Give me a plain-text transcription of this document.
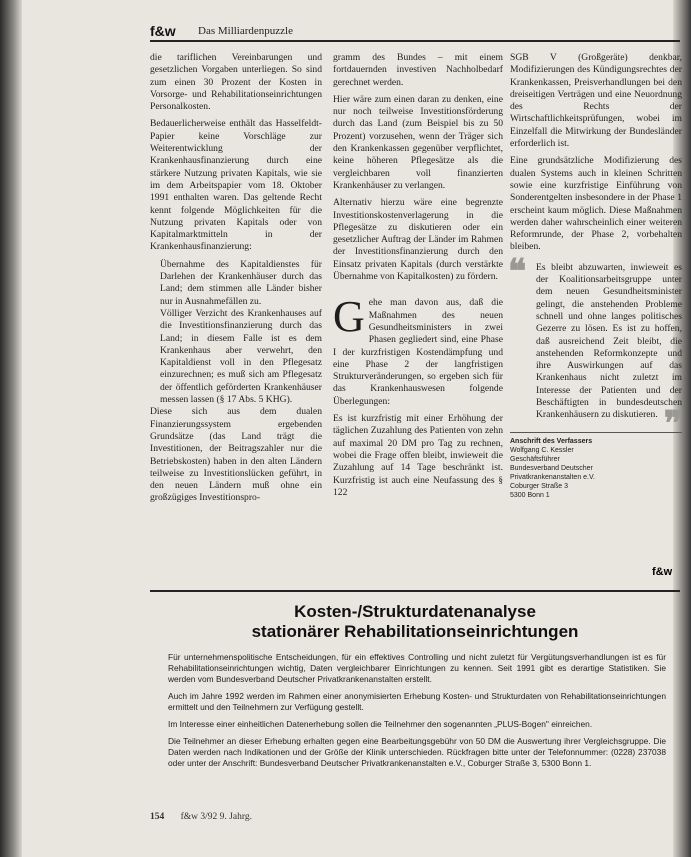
f&w Das Milliardenpuzzle

die tariflichen Vereinbarungen und gesetzlichen Vorgaben unterliegen. So sind zum einen 30 Prozent der Kosten in Vorsorge- und Rehabilitationseinrichtungen Personalkosten.

Bedauerlicherweise enthält das Hasselfeldt-Papier keine Vorschläge zur Weiterentwicklung der Krankenhausfinanzierung durch eine stärkere Nutzung privaten Kapitals, wie sie im dem Arbeitspapier vom 18. Oktober 1991 enthalten waren. Das geltende Recht kennt folgende Möglichkeiten für die Nutzung privaten Kapitals oder von Kapitalmarktmitteln in der Krankenhausfinanzierung:

Übernahme des Kapitaldienstes für Darlehen der Krankenhäuser durch das Land; dem stimmen alle Länder bisher nur in Ausnahmefällen zu.
Völliger Verzicht des Krankenhauses auf die Investitionsfinanzierung durch das Land; in diesem Falle ist es dem Krankenhaus aber verwehrt, den Kapitaldienst voll in den Pflegesatz einzurechnen; es muß sich am Pflegesatz der öffentlich geförderten Krankenhäuser messen lassen (§ 17 Abs. 5 KHG).

Diese sich aus dem dualen Finanzierungssystem ergebenden Grundsätze (das Land trägt die Investitionen, der Beitragszahler nur die Betriebskosten) haben in den alten Ländern teilweise zu Investitionslücken geführt, in den neuen Ländern muß ohne ein großzügiges Investitionspro-

gramm des Bundes – mit einem fortdauernden investiven Nachholbedarf gerechnet werden.

Hier wäre zum einen daran zu denken, eine nur noch teilweise Investitionsförderung durch das Land (zum Beispiel bis zu 50 Prozent) vorzusehen, wenn der Träger sich den Krankenkassen gegenüber verpflichtet, keine höheren Pflegesätze als die vergleichbaren voll finanzierten Krankenhäuser zu verlangen.

Alternativ hierzu wäre eine begrenzte Investitionskostenverlagerung in die Pflegesätze zu diskutieren oder ein gesetzlicher Auftrag der Länder im Rahmen der Investitionsfinanzierung durch den Einsatz privaten Kapitals (durch verstärkte Übernahme von Kapitalkosten) zu fördern.

G ehe man davon aus, daß die Maßnahmen des neuen Gesundheitsministers in zwei Phasen gegliedert sind, eine Phase I der kurzfristigen Kostendämpfung und eine Phase 2 der langfristigen Strukturveränderungen, so ergeben sich für das Krankenhauswesen folgende Überlegungen:

Es ist kurzfristig mit einer Erhöhung der täglichen Zuzahlung des Patienten von zehn auf maximal 20 DM pro Tag zu rechnen, wobei die Frage offen bleibt, inwieweit die Zuzahlung auf 14 Tage beschränkt ist. Kurzfristig ist auch eine Neufassung des § 122

SGB V (Großgeräte) denkbar, Modifizierungen des Kündigungsrechtes der Krankenkassen, Preisverhandlungen bei den dreiseitigen Verträgen und eine Neuordnung des Rechts der Wirtschaftlichkeitsprüfungen, wobei im Einzelfall die Mitwirkung der Bundesländer erforderlich ist.

Eine grundsätzliche Modifizierung des dualen Systems auch in kleinen Schritten sowie eine kurzfristige Einführung von Sonderentgelten insbesondere in der Phase 1 erscheint kaum möglich. Diese Maßnahmen werden daher wahrscheinlich einer weiteren Reformrunde, der Phase 2, vorbehalten bleiben.

❝	Es bleibt abzuwarten, inwieweit es der Koalitionsarbeitsgruppe unter dem neuen Gesundheitsminister gelingt, die anstehenden Probleme schnell und ohne langes politisches Gezerre zu lösen. Es ist zu hoffen, daß ausreichend Zeit bleibt, die anstehenden Reformkonzepte und ihre Auswirkungen auf das Krankenhaus nicht zuletzt im Interesse der Patienten und der Beschäftigten in bundesdeutschen Krankenhäusern zu diskutieren. ❞
Anschrift des Verfassers
Wolfgang C. Kessler
Geschäftsführer
Bundesverband Deutscher
Privatkrankenanstalten e.V.
Coburger Straße 3
5300 Bonn 1
f&w
Kosten-/Strukturdatenanalyse
stationärer Rehabilitationseinrichtungen

Für unternehmenspolitische Entscheidungen, für ein effektives Controlling und nicht zuletzt für Vergütungsverhandlungen ist es für Rehabilitationseinrichtungen wichtig, Daten vergleichbarer Einrichtungen zu kennen. Seit 1991 gibt es derartige Statistiken. Sie werden vom Bundesverband Deutscher Privatkrankenanstalten erstellt.

Auch im Jahre 1992 werden im Rahmen einer anonymisierten Erhebung Kosten- und Strukturdaten von Rehabilitationseinrichtungen ermittelt und den Teilnehmern zur Verfügung gestellt.

Im Interesse einer einheitlichen Datenerhebung sollen die Teilnehmer den sogenannten „PLUS-Bogen" einreichen.

Die Teilnehmer an dieser Erhebung erhalten gegen eine Bearbeitungsgebühr von 50 DM die Auswertung ihrer Vergleichsgruppe. Die Daten werden nach Indikationen und der Größe der Klinik unterschieden. Rückfragen bitte unter der Telefonnummer: (0228) 237038 oder unter der Anschrift: Bundesverband Deutscher Privatkrankenanstalten e.V., Coburger Straße 3, 5300 Bonn 1.

154 f&w 3/92 9. Jahrg.
